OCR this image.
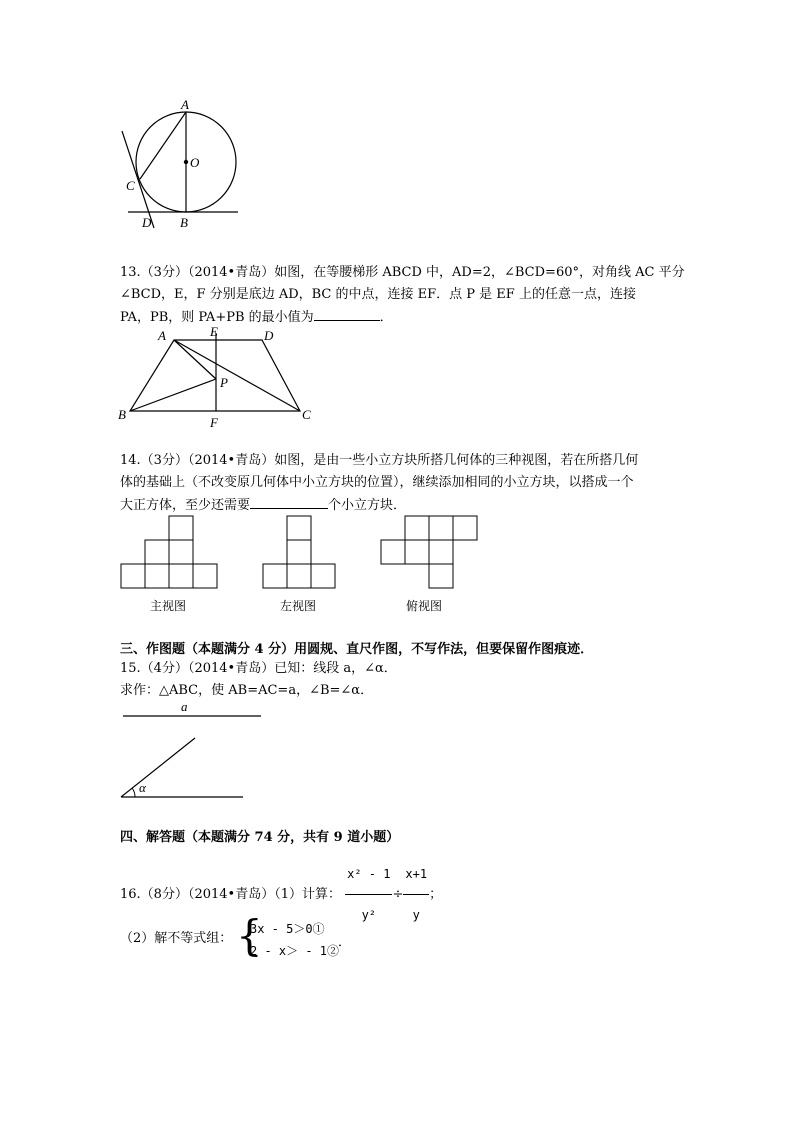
A
O
C
D B
13.（3分）（2014•青岛）如图，在等腰梯形 ABCD 中，AD=2，∠BCD=60°，对角线 AC 平分
∠BCD，E，F 分别是底边 AD，BC 的中点，连接 EF．点 P 是 EF 上的任意一点，连接
PA，PB，则 PA+PB 的最小值为	．
A	E	D
P
B
F
C
14.（3分）（2014•青岛）如图，是由一些小立方块所搭几何体的三种视图，若在所搭几何
体的基础上（不改变原几何体中小立方块的位置），继续添加相同的小立方块，以搭成一个
大正方体，至少还需要	个小立方块．
主视图	左视图	俯视图
三、作图题（本题满分 4 分）用圆规、直尺作图，不写作法，但要保留作图痕迹．
15.（4分）（2014•青岛）已知：线段 a，∠α．
求作：△ABC，使 AB=AC=a，∠B=∠α．
a
α
四、解答题（本题满分 74 分，共有 9 道小题）
16.（8分）（2014•青岛）（1）计算： $\frac{\text{x² - 1}}{\text{y²}} \div \frac{x+1}{y}$ ；
（2）解不等式组： {
3x - 5＞0①
2 - x＞ - 1②
．
